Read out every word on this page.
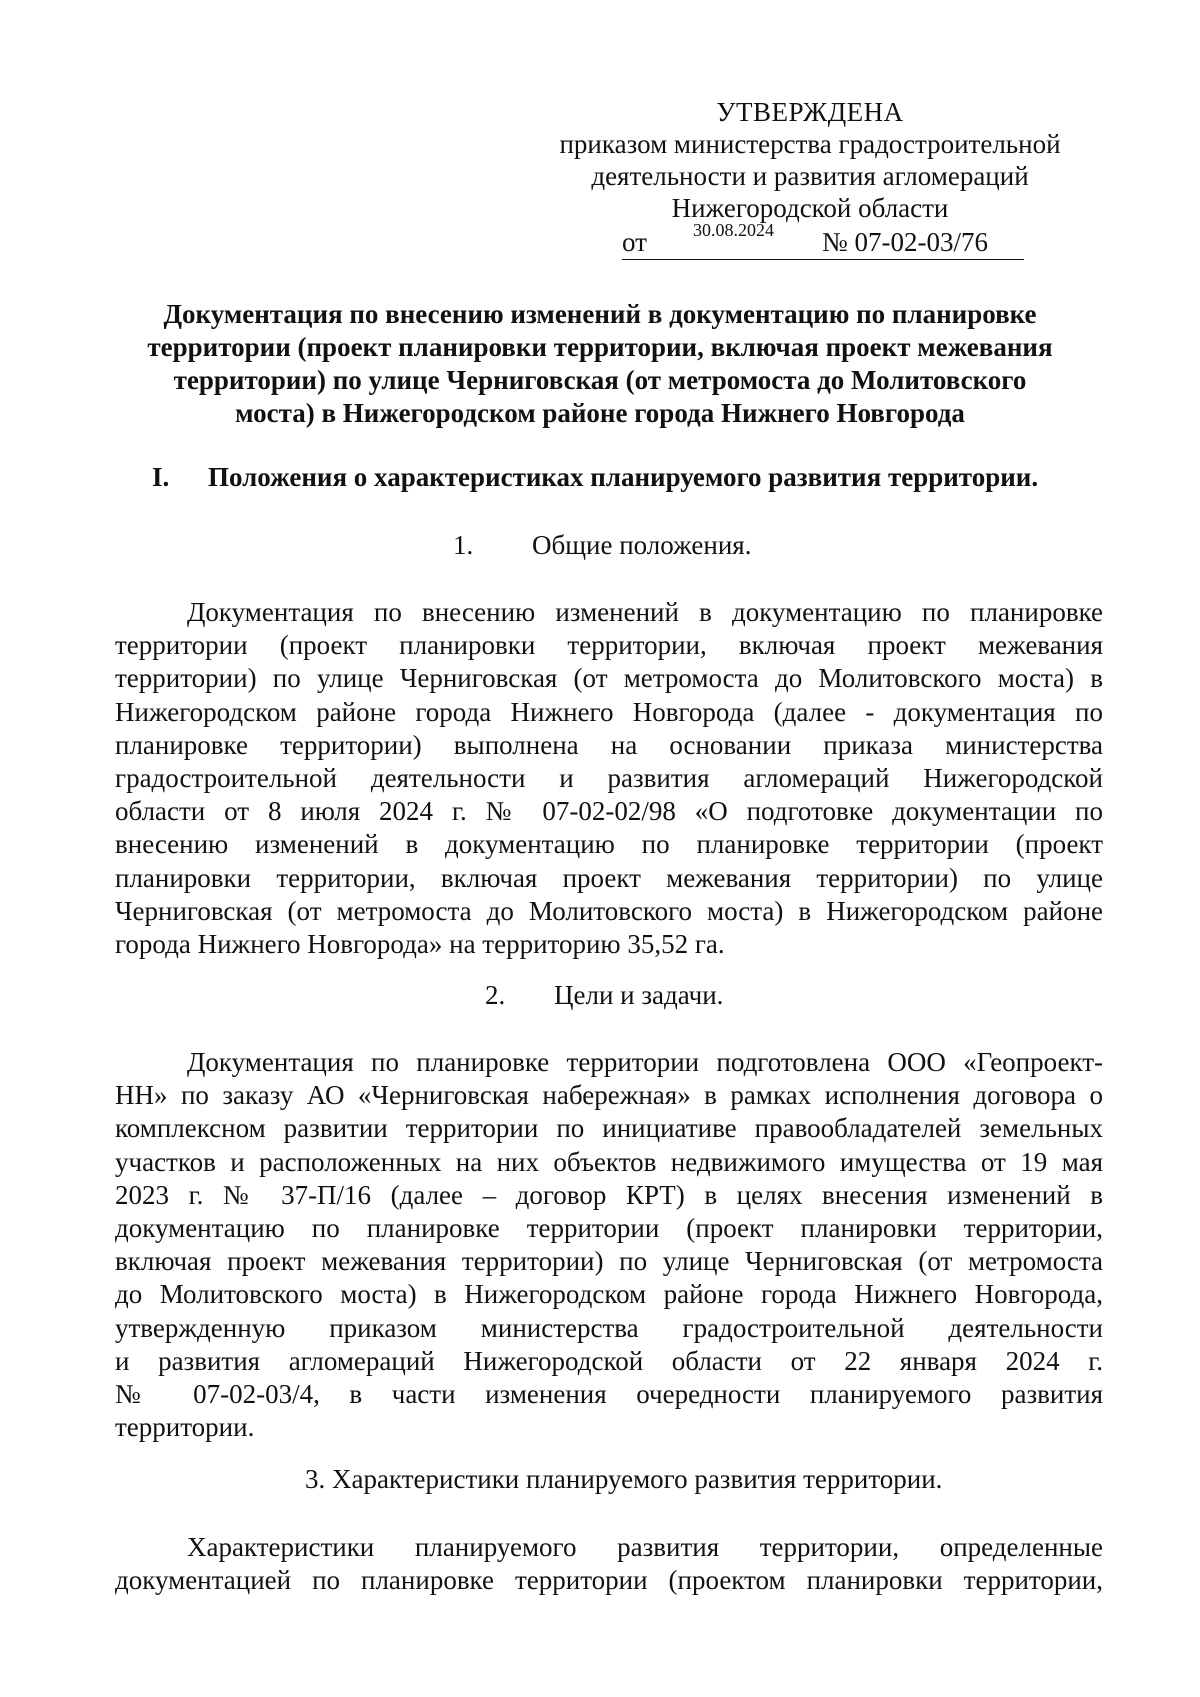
УТВЕРЖДЕНА
приказом министерства градостроительной
деятельности и развития агломераций
Нижегородской области
от	30.08.2024 № 07-02-03/76
Документация по внесению изменений в документацию по планировке
территории (проект планировки территории, включая проект межевания
территории) по улице Черниговская (от метромоста до Молитовского
моста) в Нижегородском районе города Нижнего Новгорода
I. Положения о характеристиках планируемого развития территории.
1. Общие положения.
Документация по внесению изменений в документацию по планировке
территории (проект планировки территории, включая проект межевания
территории) по улице Черниговская (от метромоста до Молитовского моста) в
Нижегородском районе города Нижнего Новгорода (далее - документация по
планировке территории) выполнена на основании приказа министерства
градостроительной деятельности и развития агломераций Нижегородской
области от 8 июля 2024 г. № 07-02-02/98 «О подготовке документации по
внесению изменений в документацию по планировке территории (проект
планировки территории, включая проект межевания территории) по улице
Черниговская (от метромоста до Молитовского моста) в Нижегородском районе
города Нижнего Новгорода» на территорию 35,52 га.
2. Цели и задачи.
Документация по планировке территории подготовлена ООО «Геопроект-
НН» по заказу АО «Черниговская набережная» в рамках исполнения договора о
комплексном развитии территории по инициативе правообладателей земельных
участков и расположенных на них объектов недвижимого имущества от 19 мая
2023 г. № 37-П/16 (далее – договор КРТ) в целях внесения изменений в
документацию по планировке территории (проект планировки территории,
включая проект межевания территории) по улице Черниговская (от метромоста
до Молитовского моста) в Нижегородском районе города Нижнего Новгорода,
утвержденную приказом министерства градостроительной деятельности
и развития агломераций Нижегородской области от 22 января 2024 г.
№ 07-02-03/4, в части изменения очередности планируемого развития
территории.
3. Характеристики планируемого развития территории.
Характеристики планируемого развития территории, определенные
документацией по планировке территории (проектом планировки территории,
